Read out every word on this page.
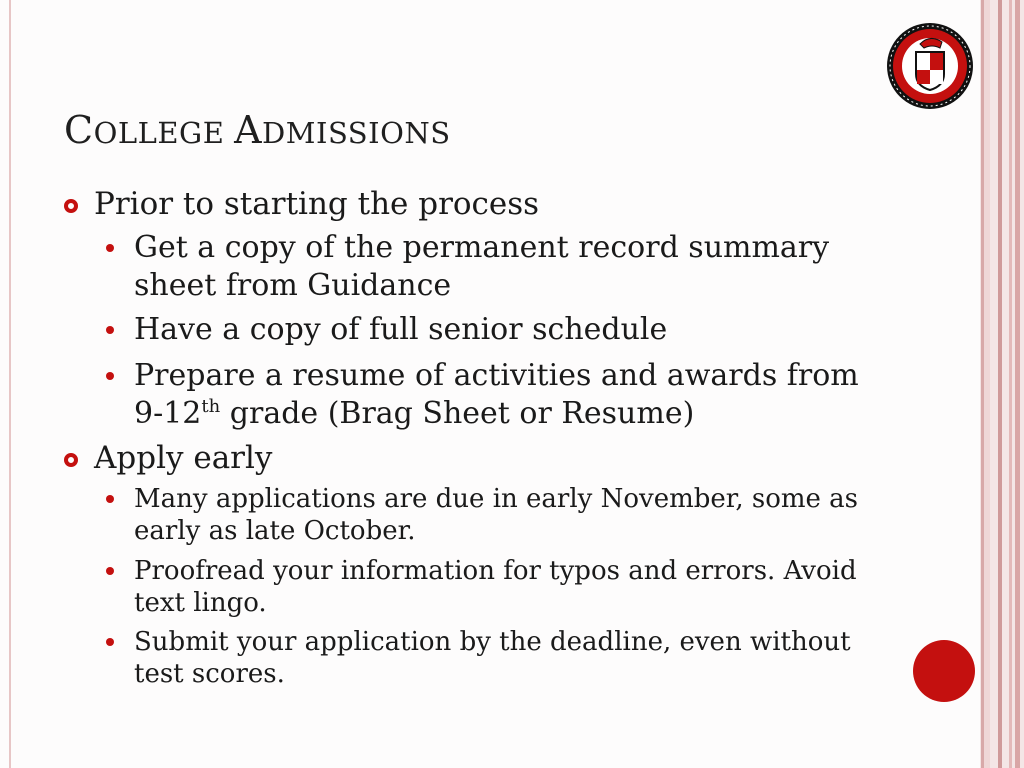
COLLEGE ADMISSIONS
Prior to starting the process
Get a copy of the permanent record summary sheet from Guidance
Have a copy of full senior schedule
Prepare a resume of activities and awards from 9-12th grade (Brag Sheet or Resume)
Apply early
Many applications are due in early November, some as early as late October.
Proofread your information for typos and errors. Avoid text lingo.
Submit your application by the deadline, even without test scores.
